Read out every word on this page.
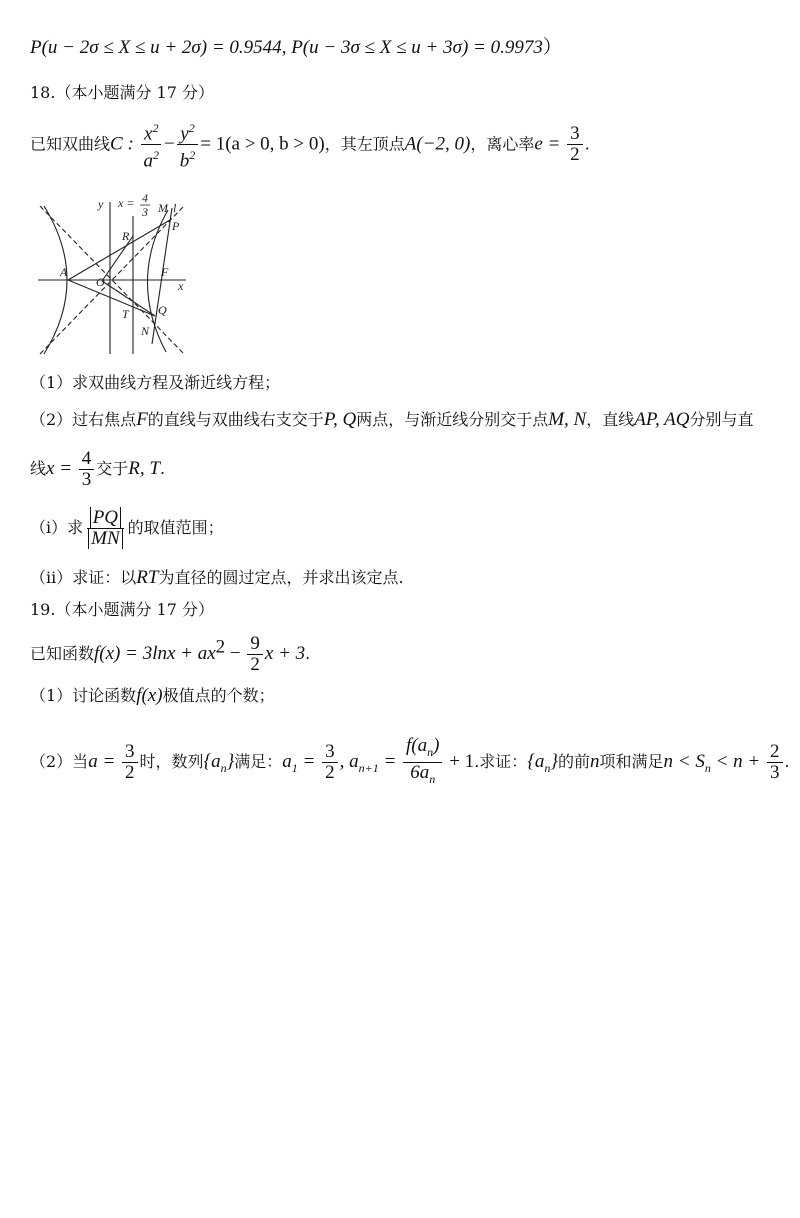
P(u − 2σ ≤ X ≤ u + 2σ) = 0.9544, P(u − 3σ ≤ X ≤ u + 3σ) = 0.9973）
18.（本小题满分 17 分）
已知双曲线C : $\frac{x^2}{a^2} - \frac{y^2}{b^2} = 1(a > 0$, b > 0)，其左顶点A(−2, 0)，离心率$e = \frac{3}{2}$ .
y x = 4
3 M l
P
R
A
O
F
x
T Q
N
（1）求双曲线方程及渐近线方程；
（2）过右焦点F的直线与双曲线右支交于P, Q两点，与渐近线分别交于点M, N，直线AP, AQ分别与直
线$x = \frac{4}{3}$ 交于R, T.
（i）求 $\frac{PQ}{MN}$ 的取值范围；
（ii）求证：以RT为直径的圆过定点，并求出该定点.
19.（本小题满分 17 分）
已知函数$f(x) = 3\ln x + ax^2 - \frac{9}{2}$ x + 3.
（1）讨论函数f(x)极值点的个数；
（2）当$a = \frac{3}{2}$ 时，数列$\{a_n\}$满足：$a_1 = \frac{3}{2}$ , $a_{n+1} = \frac{f(a_n)}{6a_n} + 1$.求证：$\{a_n\}$的前n项和满足$n < S_n < n + \frac{2}{3}$ .
